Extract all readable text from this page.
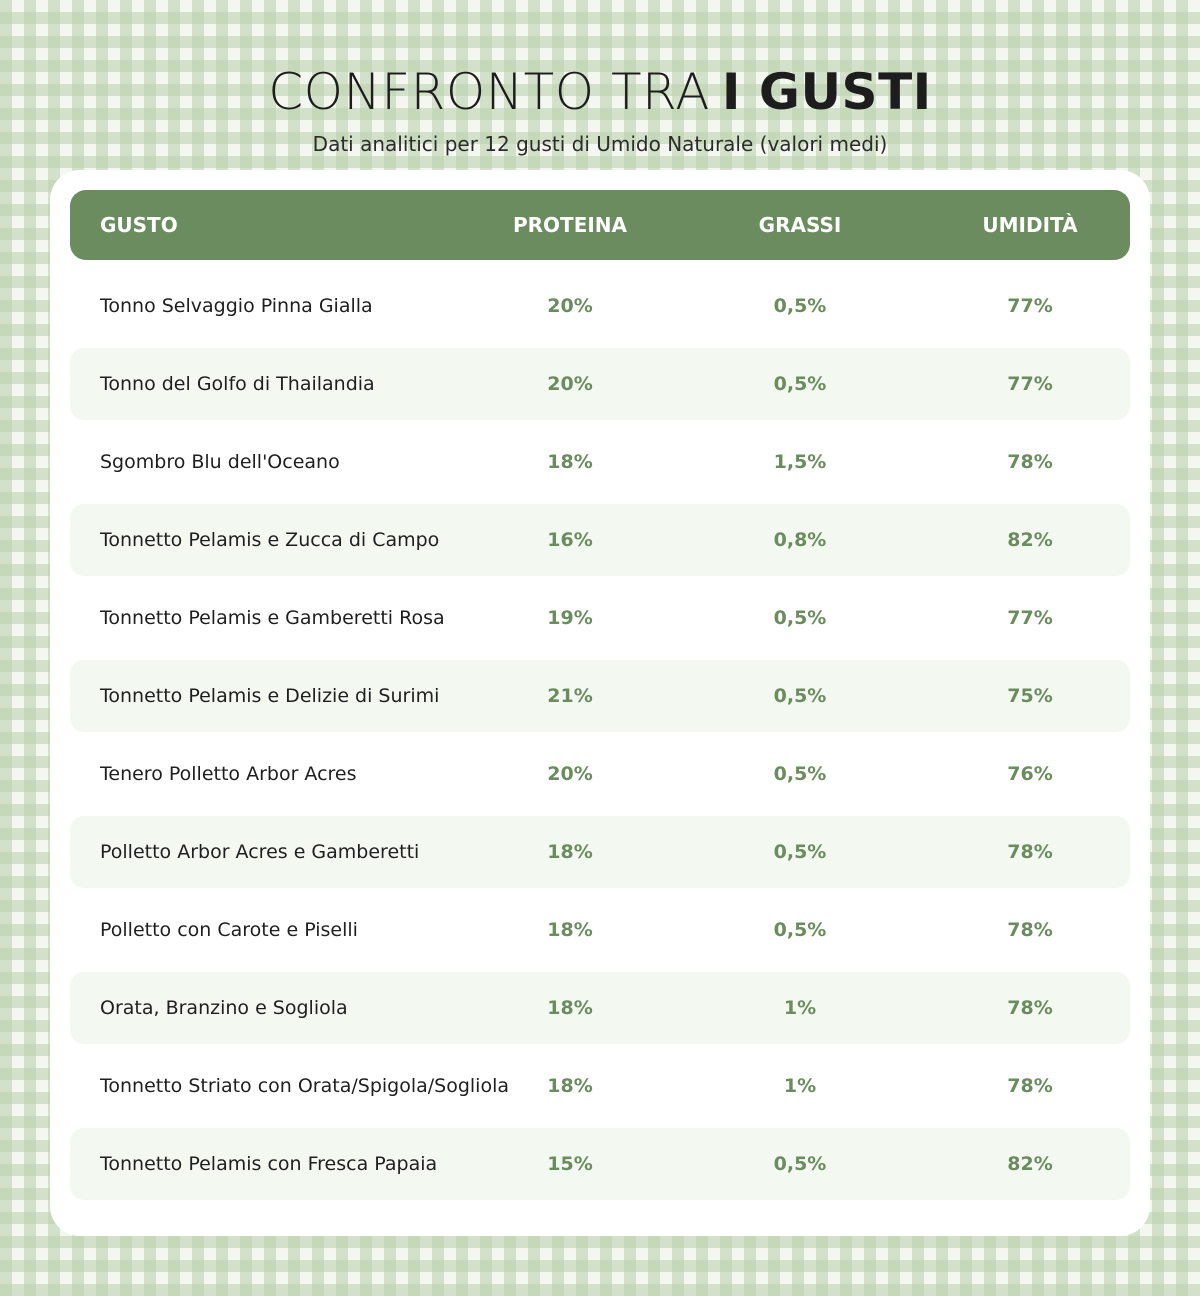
CONFRONTO TRA I GUSTI
Dati analitici per 12 gusti di Umido Naturale (valori medi)
GUSTO	PROTEINA	GRASSI	UMIDITÀ
Tonno Selvaggio Pinna Gialla	20%	0,5%	77%
Tonno del Golfo di Thailandia	20%	0,5%	77%
Sgombro Blu dell'Oceano	18%	1,5%	78%
Tonnetto Pelamis e Zucca di Campo	16%	0,8%	82%
Tonnetto Pelamis e Gamberetti Rosa	19%	0,5%	77%
Tonnetto Pelamis e Delizie di Surimi	21%	0,5%	75%
Tenero Polletto Arbor Acres	20%	0,5%	76%
Polletto Arbor Acres e Gamberetti	18%	0,5%	78%
Polletto con Carote e Piselli	18%	0,5%	78%
Orata, Branzino e Sogliola	18%	1%	78%
Tonnetto Striato con Orata/Spigola/Sogliola	18%	1%	78%
Tonnetto Pelamis con Fresca Papaia	15%	0,5%	82%
